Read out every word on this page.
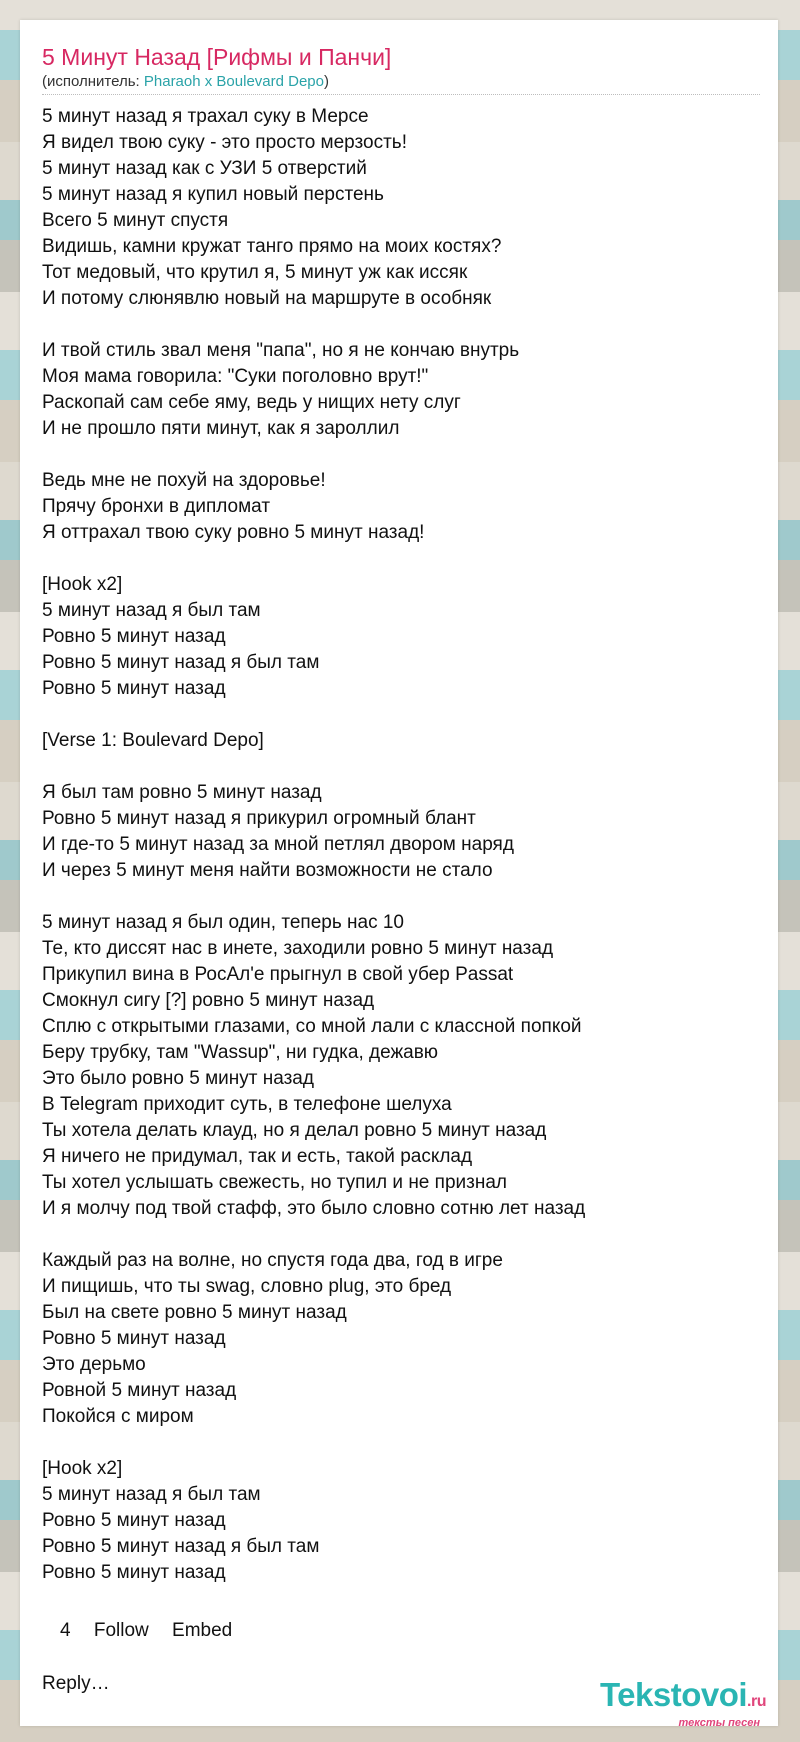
5 Минут Назад [Рифмы и Панчи]
(исполнитель: Pharaoh x Boulevard Depo)
5 минут назад я трахал суку в Мерсе
Я видел твою суку - это просто мерзость!
5 минут назад как с УЗИ 5 отверстий
5 минут назад я купил новый перстень
Всего 5 минут спустя
Видишь, камни кружат танго прямо на моих костях?
Тот медовый, что крутил я, 5 минут уж как иссяк
И потому слюнявлю новый на маршруте в особняк
И твой стиль звал меня "папа", но я не кончаю внутрь
Моя мама говорила: "Суки поголовно врут!"
Раскопай сам себе яму, ведь у нищих нету слуг
И не прошло пяти минут, как я зароллил
Ведь мне не похуй на здоровье!
Прячу бронхи в дипломат
Я оттрахал твою суку ровно 5 минут назад!
[Hook x2]
5 минут назад я был там
Ровно 5 минут назад
Ровно 5 минут назад я был там
Ровно 5 минут назад
[Verse 1: Boulevard Depo]
Я был там ровно 5 минут назад
Ровно 5 минут назад я прикурил огромный блант
И где-то 5 минут назад за мной петлял двором наряд
И через 5 минут меня найти возможности не стало
5 минут назад я был один, теперь нас 10
Те, кто диссят нас в инете, заходили ровно 5 минут назад
Прикупил вина в РосАл'е прыгнул в свой убер Passat
Смокнул сигу [?] ровно 5 минут назад
Сплю с открытыми глазами, со мной лали с классной попкой
Беру трубку, там "Wassup", ни гудка, дежавю
Это было ровно 5 минут назад
В Telegram приходит суть, в телефоне шелуха
Ты хотела делать клауд, но я делал ровно 5 минут назад
Я ничего не придумал, так и есть, такой расклад
Ты хотел услышать свежесть, но тупил и не признал
И я молчу под твой стафф, это было словно сотню лет назад
Каждый раз на волне, но спустя года два, год в игре
И пищишь, что ты swag, словно plug, это бред
Был на свете ровно 5 минут назад
Ровно 5 минут назад
Это дерьмо
Ровной 5 минут назад
Покойся с миром
[Hook x2]
5 минут назад я был там
Ровно 5 минут назад
Ровно 5 минут назад я был там
Ровно 5 минут назад
4 Follow Embed
Reply…	Tekstovoi.ru
тексты песен
